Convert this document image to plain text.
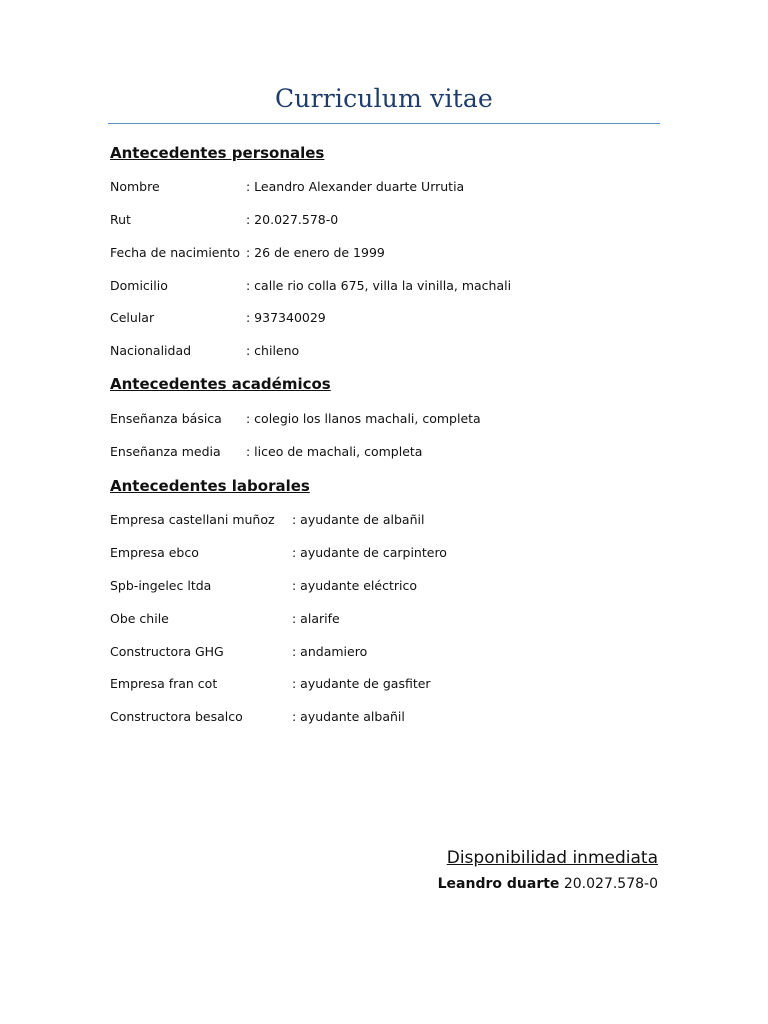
Curriculum vitae
Antecedentes personales
Nombre	: Leandro Alexander duarte Urrutia
Rut	: 20.027.578-0
Fecha de nacimiento : 26 de enero de 1999
Domicilio	: calle rio colla 675, villa la vinilla, machali
Celular	: 937340029
Nacionalidad	: chileno
Antecedentes académicos
Enseñanza básica : colegio los llanos machali, completa
Enseñanza media : liceo de machali, completa
Antecedentes laborales
Empresa castellani muñoz : ayudante de albañil
Empresa ebco	: ayudante de carpintero
Spb-ingelec ltda	: ayudante eléctrico
Obe chile	: alarife
Constructora GHG	: andamiero
Empresa fran cot	: ayudante de gasfiter
Constructora besalco	: ayudante albañil
Disponibilidad inmediata
Leandro duarte 20.027.578-0
